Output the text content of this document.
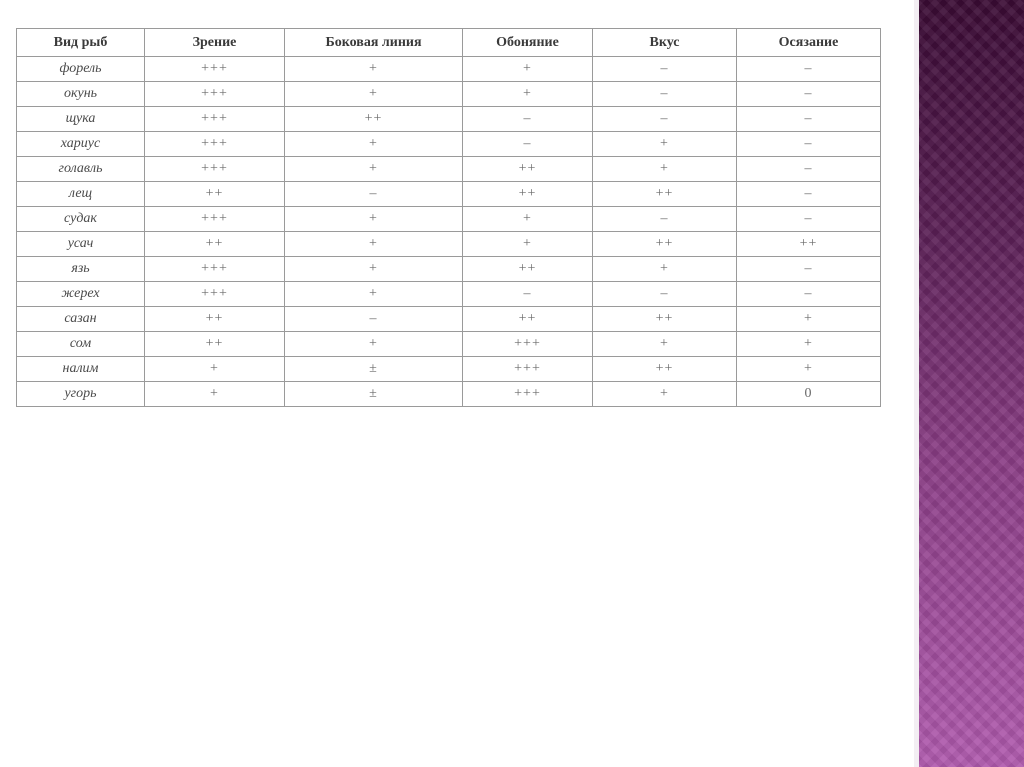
Вид рыб	Зрение	Боковая линия	Обоняние	Вкус	Осязание
форель	+++	+	+	–	–
окунь	+++	+	+	–	–
щука	+++	++	–	–	–
хариус	+++	+	–	+	–
голавль	+++	+	++	+	–
лещ	++	–	++	++	–
судак	+++	+	+	–	–
усач	++	+	+	++	++
язь	+++	+	++	+	–
жерех	+++	+	–	–	–
сазан	++	–	++	++	+
сом	++	+	+++	+	+
налим	+	±	+++	++	+
угорь	+	±	+++	+	0
